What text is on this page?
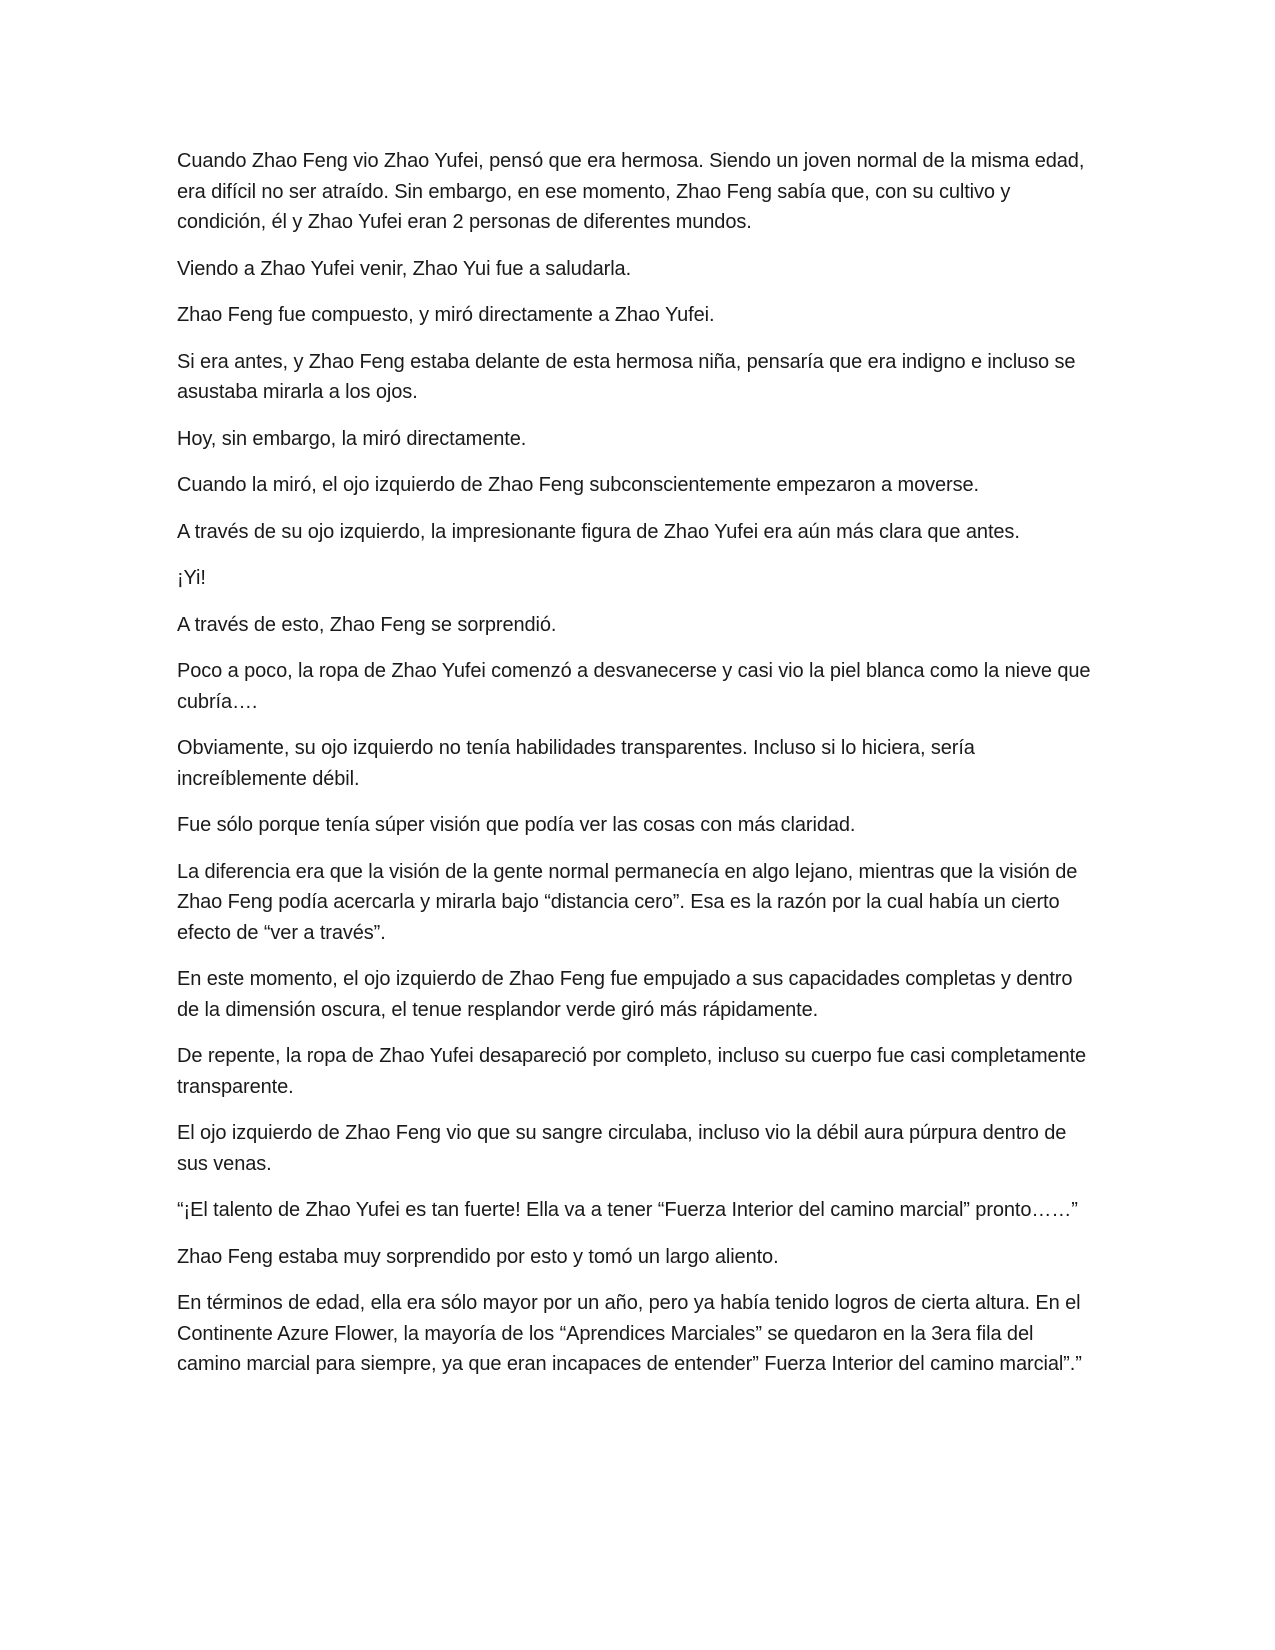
Cuando Zhao Feng vio Zhao Yufei, pensó que era hermosa. Siendo un joven normal de la misma edad, era difícil no ser atraído. Sin embargo, en ese momento, Zhao Feng sabía que, con su cultivo y condición, él y Zhao Yufei eran 2 personas de diferentes mundos.

Viendo a Zhao Yufei venir, Zhao Yui fue a saludarla.

Zhao Feng fue compuesto, y miró directamente a Zhao Yufei.

Si era antes, y Zhao Feng estaba delante de esta hermosa niña, pensaría que era indigno e incluso se asustaba mirarla a los ojos.

Hoy, sin embargo, la miró directamente.

Cuando la miró, el ojo izquierdo de Zhao Feng subconscientemente empezaron a moverse.

A través de su ojo izquierdo, la impresionante figura de Zhao Yufei era aún más clara que antes.

¡Yi!

A través de esto, Zhao Feng se sorprendió.

Poco a poco, la ropa de Zhao Yufei comenzó a desvanecerse y casi vio la piel blanca como la nieve que cubría….

Obviamente, su ojo izquierdo no tenía habilidades transparentes. Incluso si lo hiciera, sería increíblemente débil.

Fue sólo porque tenía súper visión que podía ver las cosas con más claridad.

La diferencia era que la visión de la gente normal permanecía en algo lejano, mientras que la visión de Zhao Feng podía acercarla y mirarla bajo “distancia cero”. Esa es la razón por la cual había un cierto efecto de “ver a través”.

En este momento, el ojo izquierdo de Zhao Feng fue empujado a sus capacidades completas y dentro de la dimensión oscura, el tenue resplandor verde giró más rápidamente.

De repente, la ropa de Zhao Yufei desapareció por completo, incluso su cuerpo fue casi completamente transparente.

El ojo izquierdo de Zhao Feng vio que su sangre circulaba, incluso vio la débil aura púrpura dentro de sus venas.

“¡El talento de Zhao Yufei es tan fuerte! Ella va a tener “Fuerza Interior del camino marcial” pronto……”

Zhao Feng estaba muy sorprendido por esto y tomó un largo aliento.

En términos de edad, ella era sólo mayor por un año, pero ya había tenido logros de cierta altura. En el Continente Azure Flower, la mayoría de los “Aprendices Marciales” se quedaron en la 3era fila del camino marcial para siempre, ya que eran incapaces de entender” Fuerza Interior del camino marcial”.”
